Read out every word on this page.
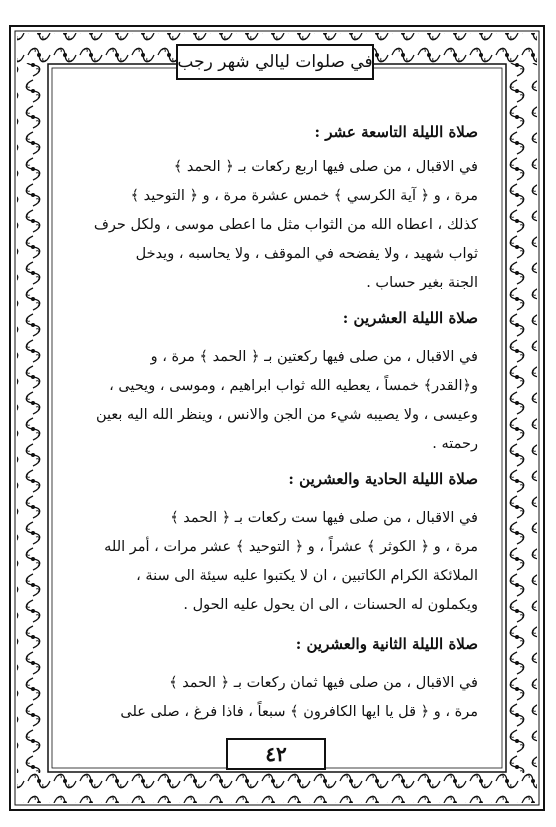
في صلوات ليالي شهر رجب

صلاة الليلة التاسعة عشر :

في الاقبال ، من صلى فيها اربع ركعات بـ ﴿ الحمد ﴾

مرة ، و ﴿ آية الكرسي ﴾ خمس عشرة مرة ، و ﴿ التوحيد ﴾

كذلك ، اعطاه الله من الثواب مثل ما اعطى موسى ، ولكل حرف

ثواب شهيد ، ولا يفضحه في الموقف ، ولا يحاسبه ، ويدخل

الجنة بغير حساب .

صلاة الليلة العشرين :

في الاقبال ، من صلى فيها ركعتين بـ ﴿ الحمد ﴾ مرة ، و

و﴿القدر﴾ خمساً ، يعطيه الله ثواب ابراهيم ، وموسى ، ويحيى ،

وعيسى ، ولا يصيبه شيء من الجن والانس ، وينظر الله اليه بعين

رحمته .

صلاة الليلة الحادية والعشرين :

في الاقبال ، من صلى فيها ست ركعات بـ ﴿ الحمد ﴾

مرة ، و ﴿ الكوثر ﴾ عشراً ، و ﴿ التوحيد ﴾ عشر مرات ، أمر الله

الملائكة الكرام الكاتبين ، ان لا يكتبوا عليه سيئة الى سنة ،

ويكملون له الحسنات ، الى ان يحول عليه الحول .

صلاة الليلة الثانية والعشرين :

في الاقبال ، من صلى فيها ثمان ركعات بـ ﴿ الحمد ﴾

مرة ، و ﴿ قل يا ايها الكافرون ﴾ سبعاً ، فاذا فرغ ، صلى على

٤٢
